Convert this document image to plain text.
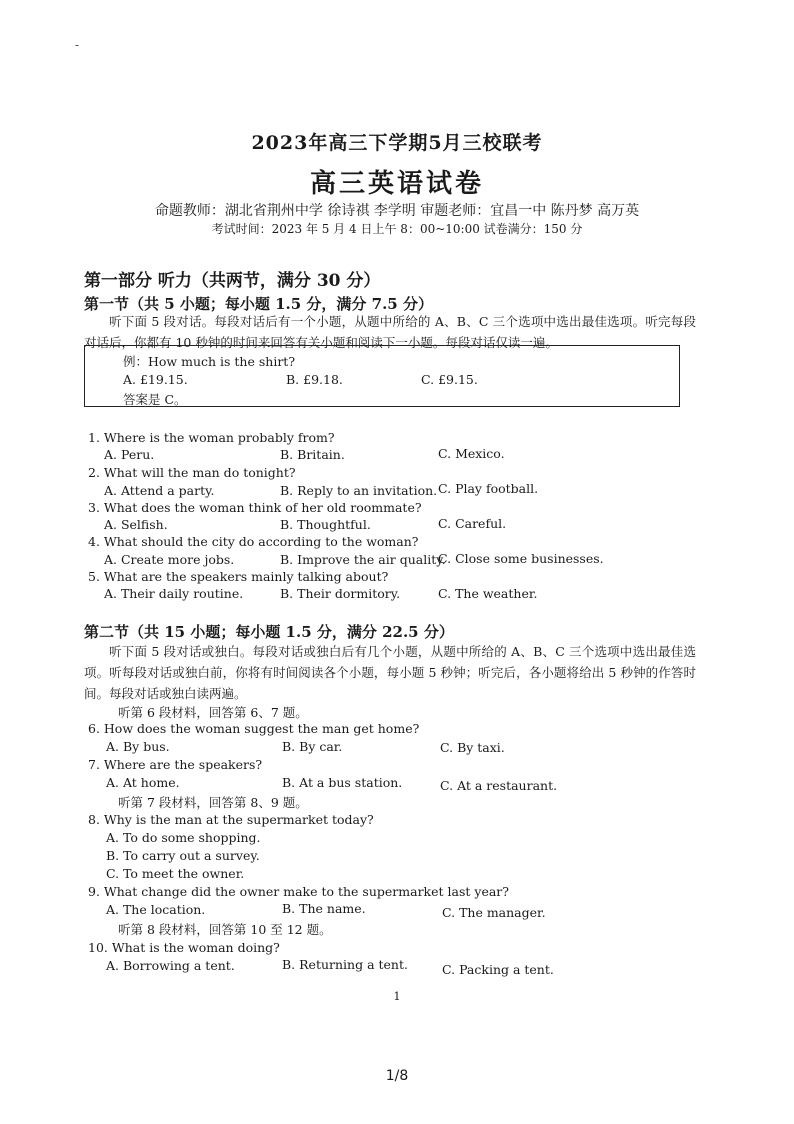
-
2023年高三下学期5月三校联考
高三英语试卷
命题教师：湖北省荆州中学 徐诗祺 李学明 审题老师：宜昌一中 陈丹梦 高万英
考试时间：2023 年 5 月 4 日上午 8：00~10:00 试卷满分：150 分
第一部分 听力（共两节，满分 30 分）
第一节（共 5 小题；每小题 1.5 分，满分 7.5 分）
听下面 5 段对话。每段对话后有一个小题，从题中所给的 A、B、C 三个选项中选出最佳选项。听完每段对话后，你都有 10 秒钟的时间来回答有关小题和阅读下一小题。每段对话仅读一遍。
例：How much is the shirt?
A. £19.15.	B. £9.18.	C. £9.15.
答案是 C。
1. Where is the woman probably from?
A. Peru.	B. Britain.	C. Mexico.
2. What will the man do tonight?
A. Attend a party.	B. Reply to an invitation. C. Play football.
3. What does the woman think of her old roommate?
A. Selfish.	B. Thoughtful.	C. Careful.
4. What should the city do according to the woman?
A. Create more jobs.	B. Improve the air quality.
C. Close some businesses.
5. What are the speakers mainly talking about?
A. Their daily routine.	B. Their dormitory.	C. The weather.
第二节（共 15 小题；每小题 1.5 分，满分 22.5 分）
听下面 5 段对话或独白。每段对话或独白后有几个小题，从题中所给的 A、B、C 三个选项中选出最佳选项。听每段对话或独白前，你将有时间阅读各个小题，每小题 5 秒钟；听完后，各小题将给出 5 秒钟的作答时间。每段对话或独白读两遍。
听第 6 段材料，回答第 6、7 题。
6. How does the woman suggest the man get home?
A. By bus.	B. By car.	C. By taxi.
7. Where are the speakers?
A. At home.	B. At a bus station.	C. At a restaurant.
听第 7 段材料，回答第 8、9 题。
8. Why is the man at the supermarket today?
A. To do some shopping.
B. To carry out a survey.
C. To meet the owner.
9. What change did the owner make to the supermarket last year?
A. The location.	B. The name.	C. The manager.
听第 8 段材料，回答第 10 至 12 题。
10. What is the woman doing?
A. Borrowing a tent.	B. Returning a tent.	C. Packing a tent.
1
1/8
